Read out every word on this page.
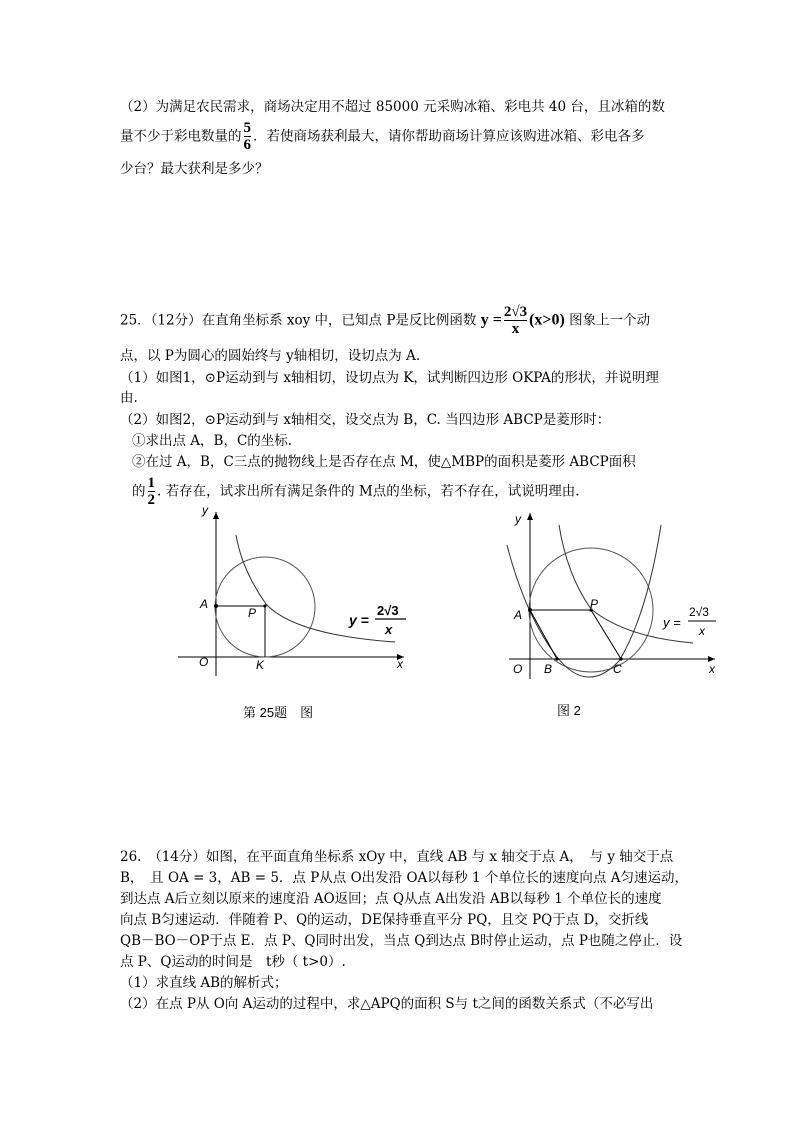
（2）为满足农民需求，商场决定用不超过 85000 元采购冰箱、彩电共 40 台，且冰箱的数
量不少于彩电数量的 $\frac{5}{6}$ ．若使商场获利最大，请你帮助商场计算应该购进冰箱、彩电各多
少台？最大获利是多少？
25．（12分）在直角坐标系 xoy 中，已知点 P是反比例函数 $y = \frac{2√3}{x} (x>0)$ 图象上一个动
点，以 P为圆心的圆始终与 y轴相切，设切点为 A.
（1）如图1，⊙P运动到与 x轴相切，设切点为 K，试判断四边形 OKPA的形状，并说明理
由.
（2）如图2，⊙P运动到与 x轴相交，设交点为 B，C. 当四边形 ABCP是菱形时：
①求出点 A，B，C的坐标.
②在过 A，B，C三点的抛物线上是否存在点 M，使△MBP的面积是菱形 ABCP面积
的 $\frac{1}{2}$ . 若存在，试求出所有满足条件的 M点的坐标，若不存在，试说明理由.
y
x
O
A
P
K
y =
2√3
x
第 25题　图
y
x
O
A
P
B	C
y =
2√3
x
图 2
26.　（14分）如图，在平面直角坐标系 xOy 中，直线 AB 与 x 轴交于点 A，　与 y 轴交于点
B，　且 OA = 3，AB = 5．点 P从点 O出发沿 OA以每秒 1 个单位长的速度向点 A匀速运动，
到达点 A后立刻以原来的速度沿 AO返回；点 Q从点 A出发沿 AB以每秒 1 个单位长的速度
向点 B匀速运动．伴随着 P、Q的运动，DE保持垂直平分 PQ，且交 PQ于点 D，交折线
QB－BO－OP于点 E．点 P、Q同时出发，当点 Q到达点 B时停止运动，点 P也随之停止．设
点 P、Q运动的时间是　t秒（ t>0）.
（1）求直线 AB的解析式；
（2）在点 P从 O向 A运动的过程中，求△APQ的面积 S与 t之间的函数关系式（不必写出
